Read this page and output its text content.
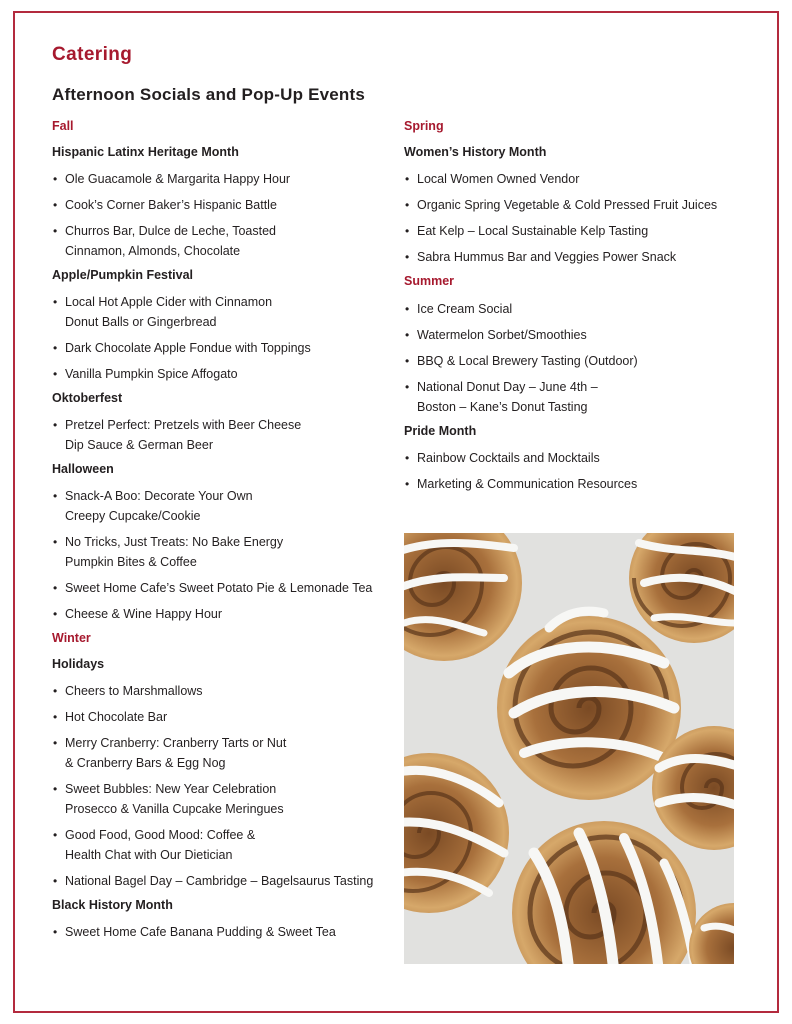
Catering
Afternoon Socials and Pop-Up Events
Fall
Hispanic Latinx Heritage Month
• Ole Guacamole & Margarita Happy Hour
• Cook’s Corner Baker’s Hispanic Battle
• Churros Bar, Dulce de Leche, Toasted
Cinnamon, Almonds, Chocolate
Apple/Pumpkin Festival
• Local Hot Apple Cider with Cinnamon
Donut Balls or Gingerbread
• Dark Chocolate Apple Fondue with Toppings
• Vanilla Pumpkin Spice Affogato
Oktoberfest
• Pretzel Perfect: Pretzels with Beer Cheese
Dip Sauce & German Beer
Halloween
• Snack-A Boo: Decorate Your Own
Creepy Cupcake/Cookie
• No Tricks, Just Treats: No Bake Energy
Pumpkin Bites & Coffee
• Sweet Home Cafe’s Sweet Potato Pie & Lemonade Tea
• Cheese & Wine Happy Hour
Winter
Holidays
• Cheers to Marshmallows
• Hot Chocolate Bar
• Merry Cranberry: Cranberry Tarts or Nut
& Cranberry Bars & Egg Nog
• Sweet Bubbles: New Year Celebration
Prosecco & Vanilla Cupcake Meringues
• Good Food, Good Mood: Coffee &
Health Chat with Our Dietician
• National Bagel Day – Cambridge – Bagelsaurus Tasting
Black History Month
• Sweet Home Cafe Banana Pudding & Sweet Tea
Spring
Women’s History Month
• Local Women Owned Vendor
• Organic Spring Vegetable & Cold Pressed Fruit Juices
• Eat Kelp – Local Sustainable Kelp Tasting
• Sabra Hummus Bar and Veggies Power Snack
Summer
• Ice Cream Social
• Watermelon Sorbet/Smoothies
• BBQ & Local Brewery Tasting (Outdoor)
• National Donut Day – June 4th –
Boston – Kane’s Donut Tasting
Pride Month
• Rainbow Cocktails and Mocktails
• Marketing & Communication Resources
